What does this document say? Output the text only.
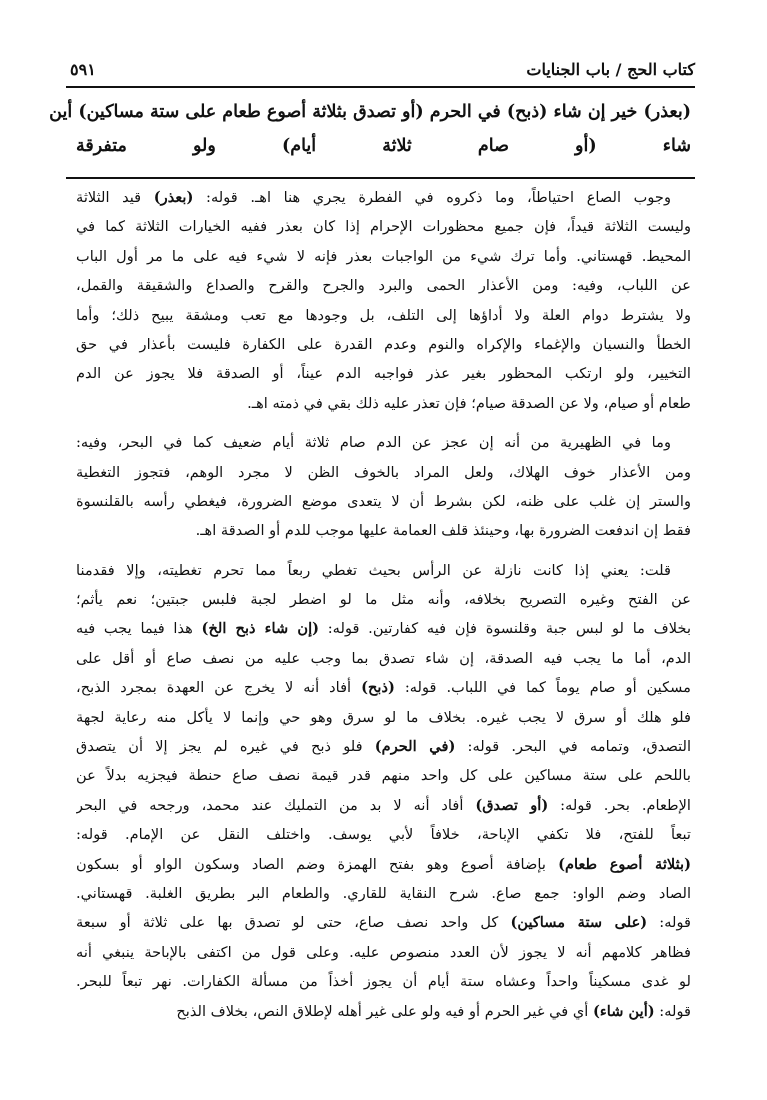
كتاب الحج / باب الجنايات
٥٩١
(بعذر) خير إن شاء (ذبح) في الحرم (أو تصدق بثلاثة أصوع طعام على ستة مساكين) أين
شاء (أو صام ثلاثة أيام) ولو متفرقة
وجوب الصاع احتياطاً، وما ذكروه في الفطرة يجري هنا اهـ. قوله: (بعذر) قيد الثلاثة
وليست الثلاثة قيداً، فإن جميع محظورات الإحرام إذا كان بعذر ففيه الخيارات الثلاثة كما في
المحيط. قهستاني. وأما ترك شيء من الواجبات بعذر فإنه لا شيء فيه على ما مر أول الباب
عن اللباب، وفيه: ومن الأعذار الحمى والبرد والجرح والقرح والصداع والشقيقة والقمل،
ولا يشترط دوام العلة ولا أداؤها إلى التلف، بل وجودها مع تعب ومشقة يبيح ذلك؛ وأما
الخطأ والنسيان والإغماء والإكراه والنوم وعدم القدرة على الكفارة فليست بأعذار في حق
التخيير، ولو ارتكب المحظور بغير عذر فواجبه الدم عيناً، أو الصدقة فلا يجوز عن الدم
طعام أو صيام، ولا عن الصدقة صيام؛ فإن تعذر عليه ذلك بقي في ذمته اهـ.
وما في الظهيرية من أنه إن عجز عن الدم صام ثلاثة أيام ضعيف كما في البحر، وفيه:
ومن الأعذار خوف الهلاك، ولعل المراد بالخوف الظن لا مجرد الوهم، فتجوز التغطية
والستر إن غلب على ظنه، لكن بشرط أن لا يتعدى موضع الضرورة، فيغطي رأسه بالقلنسوة
فقط إن اندفعت الضرورة بها، وحينئذ قلف العمامة عليها موجب للدم أو الصدقة اهـ.
قلت: يعني إذا كانت نازلة عن الرأس بحيث تغطي ربعاً مما تحرم تغطيته، وإلا فقدمنا
عن الفتح وغيره التصريح بخلافه، وأنه مثل ما لو اضطر لجبة فلبس جبتين؛ نعم يأثم؛
بخلاف ما لو لبس جبة وقلنسوة فإن فيه كفارتين. قوله: (إن شاء ذبح الخ) هذا فيما يجب فيه
الدم، أما ما يجب فيه الصدقة، إن شاء تصدق بما وجب عليه من نصف صاع أو أقل على
مسكين أو صام يوماً كما في اللباب. قوله: (ذبح) أفاد أنه لا يخرج عن العهدة بمجرد الذبح،
فلو هلك أو سرق لا يجب غيره. بخلاف ما لو سرق وهو حي وإنما لا يأكل منه رعاية لجهة
التصدق، وتمامه في البحر. قوله: (في الحرم) فلو ذبح في غيره لم يجز إلا أن يتصدق
باللحم على ستة مساكين على كل واحد منهم قدر قيمة نصف صاع حنطة فيجزيه بدلاً عن
الإطعام. بحر. قوله: (أو تصدق) أفاد أنه لا بد من التمليك عند محمد، ورجحه في البحر
تبعاً للفتح، فلا تكفي الإباحة، خلافاً لأبي يوسف. واختلف النقل عن الإمام. قوله:
(بثلاثة أصوع طعام) بإضافة أصوع وهو بفتح الهمزة وضم الصاد وسكون الواو أو بسكون
الصاد وضم الواو: جمع صاع. شرح النقاية للقاري. والطعام البر بطريق الغلبة. قهستاني.
قوله: (على ستة مساكين) كل واحد نصف صاع، حتى لو تصدق بها على ثلاثة أو سبعة
فظاهر كلامهم أنه لا يجوز لأن العدد منصوص عليه. وعلى قول من اكتفى بالإباحة ينبغي أنه
لو غدى مسكيناً واحداً وعشاه ستة أيام أن يجوز أخذاً من مسألة الكفارات. نهر تبعاً للبحر.
قوله: (أين شاء) أي في غير الحرم أو فيه ولو على غير أهله لإطلاق النص، بخلاف الذبح
